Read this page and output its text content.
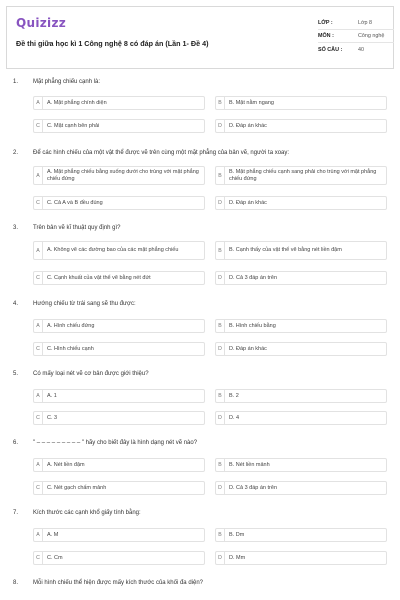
Quizizz
Đề thi giữa học kì 1 Công nghệ 8 có đáp án (Lần 1- Đề 4)
LỚP :	Lớp 8
MÔN :	Công nghệ
SỐ CÂU :	40
1. Mặt phẳng chiếu cạnh là:
A	A. Mặt phẳng chính diện	B	B. Mặt nằm ngang
C	C. Mặt cạnh bên phải	D	D. Đáp án khác
2. Để các hình chiếu của một vật thể được vẽ trên cùng một mặt phẳng của bản vẽ, người ta xoay:
A
A. Mặt phẳng chiếu bằng xuống dưới cho trùng với mặt phẳng chiếu đứng	B
B. Mặt phẳng chiếu cạnh sang phải cho trùng với mặt phẳng chiếu đứng
C	C. Cả A và B đều đúng	D	D. Đáp án khác
3. Trên bản vẽ kĩ thuật quy định gì?
A	A. Không vẽ các đường bao của các mặt phẳng chiếu	B	B. Cạnh thấy của vật thể vẽ bằng nét liền đậm
C	C. Cạnh khuất của vật thể vẽ bằng nét đứt	D	D. Cả 3 đáp án trên
4. Hướng chiếu từ trái sang sẽ thu được:
A	A. Hình chiếu đứng	B	B. Hình chiếu bằng
C	C. Hình chiếu cạnh	D	D. Đáp án khác
5. Có mấy loại nét vẽ cơ bản được giới thiệu?
A	A. 1	B	B. 2
C	C. 3	D	D. 4
6. " ‒ ‒ ‒ ‒ ‒ ‒ ‒ ‒ ‒ " hãy cho biết đây là hình dạng nét vẽ nào?
A	A. Nét liền đậm	B	B. Nét liền mảnh
C	C. Nét gạch chấm mảnh	D	D. Cả 3 đáp án trên
7. Kích thước các cạnh khổ giấy tính bằng:
A	A. M	B	B. Dm
C	C. Cm	D	D. Mm
8. Mỗi hình chiếu thể hiện được mấy kích thước của khối đa diện?
